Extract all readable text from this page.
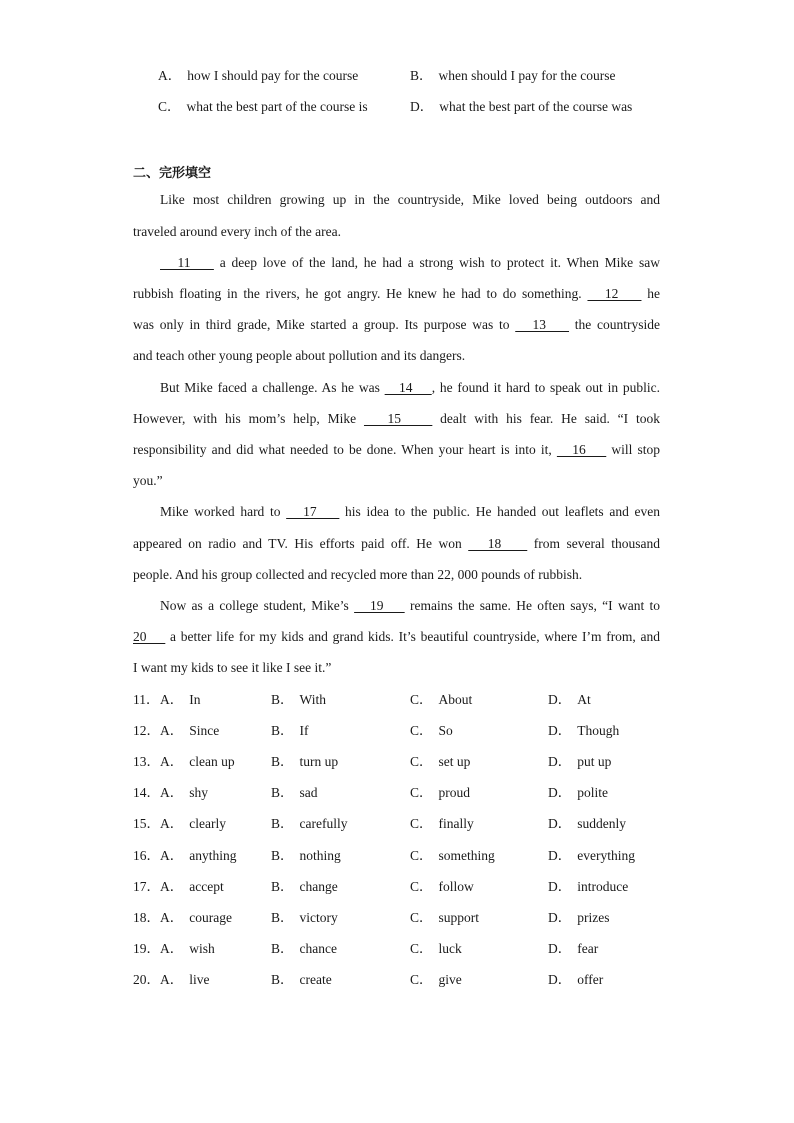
A． how I should pay for the course	B． when should I pay for the course
C． what the best part of the course is	D． what the best part of the course was
二、完形填空
Like most children growing up in the countryside, Mike loved being outdoors and
traveled around every inch of the area.
11     a deep love of the land, he had a strong wish to protect it. When Mike saw
rubbish floating in the rivers, he got angry. He knew he had to do something.    12     he
was only in third grade, Mike started a group. Its purpose was to    13     the countryside
and teach other young people about pollution and its dangers.
But Mike faced a challenge. As he was    14    , he found it hard to speak out in public.
However, with his mom’s help, Mike    15     dealt with his fear. He said. “I took
responsibility and did what needed to be done. When your heart is into it,    16     will stop
you.”
Mike worked hard to    17     his idea to the public. He handed out leaflets and even
appeared on radio and TV. His efforts paid off. He won    18     from several thousand
people. And his group collected and recycled more than 22, 000 pounds of rubbish.
Now as a college student, Mike’s    19     remains the same. He often says, “I want to
20     a better life for my kids and grand kids. It’s beautiful countryside, where I’m from, and
I want my kids to see it like I see it.”
11． A． In	B． With	C． About	D． At
12． A． Since	B． If	C． So	D． Though
13． A． clean up	B． turn up	C． set up	D． put up
14． A． shy	B． sad	C． proud	D． polite
15． A． clearly	B． carefully	C． finally	D． suddenly
16． A． anything	B． nothing	C． something	D． everything
17． A． accept	B． change	C． follow	D． introduce
18． A． courage	B． victory	C． support	D． prizes
19． A． wish	B． chance	C． luck	D． fear
20． A． live	B． create	C． give	D． offer
